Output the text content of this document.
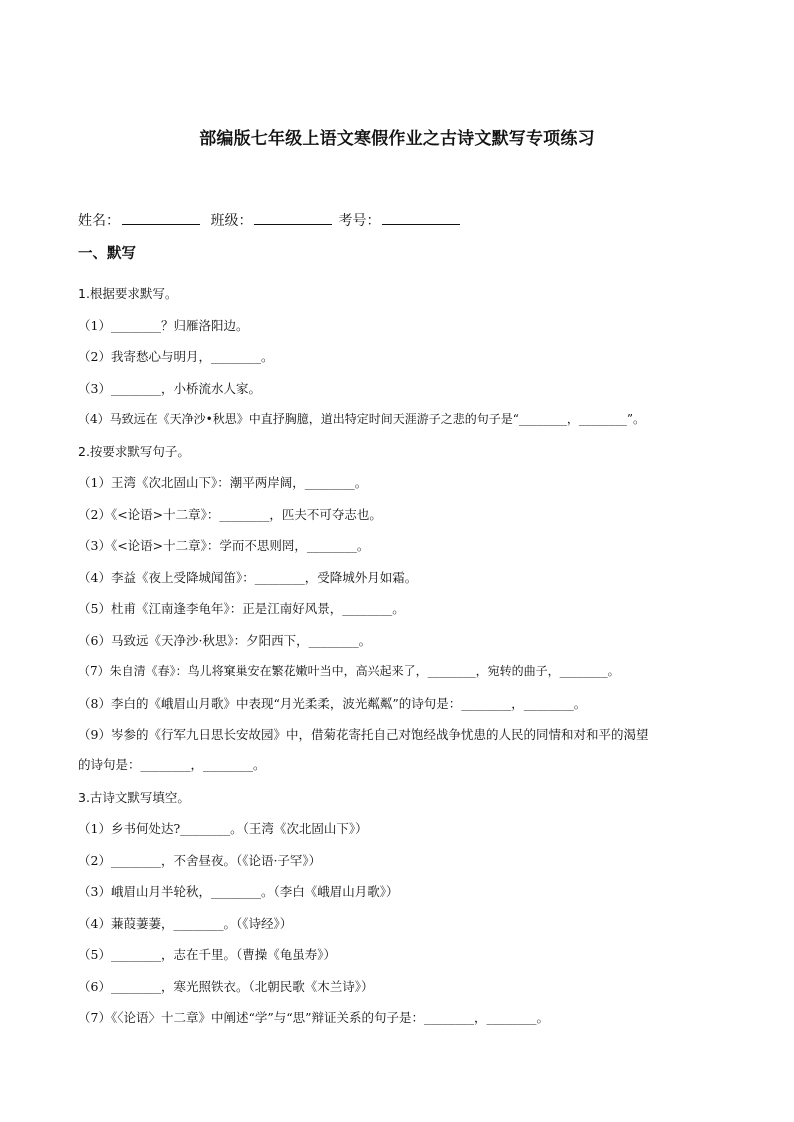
部编版七年级上语文寒假作业之古诗文默写专项练习
姓名：	班级：	考号：
一、默写
1.根据要求默写。
（1）________？归雁洛阳边。
（2）我寄愁心与明月，________。
（3）________，小桥流水人家。
（4）马致远在《天净沙•秋思》中直抒胸臆，道出特定时间天涯游子之悲的句子是“________，________”。
2.按要求默写句子。
（1）王湾《次北固山下》：潮平两岸阔，________。
（2）《<论语>十二章》：________，匹夫不可夺志也。
（3）《<论语>十二章》：学而不思则罔，________。
（4）李益《夜上受降城闻笛》：________，受降城外月如霜。
（5）杜甫《江南逢李龟年》：正是江南好风景，________。
（6）马致远《天净沙·秋思》：夕阳西下，________。
（7）朱自清《春》：鸟儿将窠巢安在繁花嫩叶当中，高兴起来了，________，宛转的曲子，________。
（8）李白的《峨眉山月歌》中表现“月光柔柔，波光粼粼”的诗句是：________，________。
（9）岑参的《行军九日思长安故园》中，借菊花寄托自己对饱经战争忧患的人民的同情和对和平的渴望
的诗句是：________，________。
3.古诗文默写填空。
（1）乡书何处达?________。（王湾《次北固山下》）
（2）________，不舍昼夜。（《论语·子罕》）
（3）峨眉山月半轮秋，________。（李白《峨眉山月歌》）
（4）蒹葭萋萋，________。（《诗经》）
（5）________，志在千里。（曹操《龟虽寿》）
（6）________，寒光照铁衣。（北朝民歌《木兰诗》）
（7）《〈论语〉十二章》中阐述“学”与“思”辩证关系的句子是：________，________。
